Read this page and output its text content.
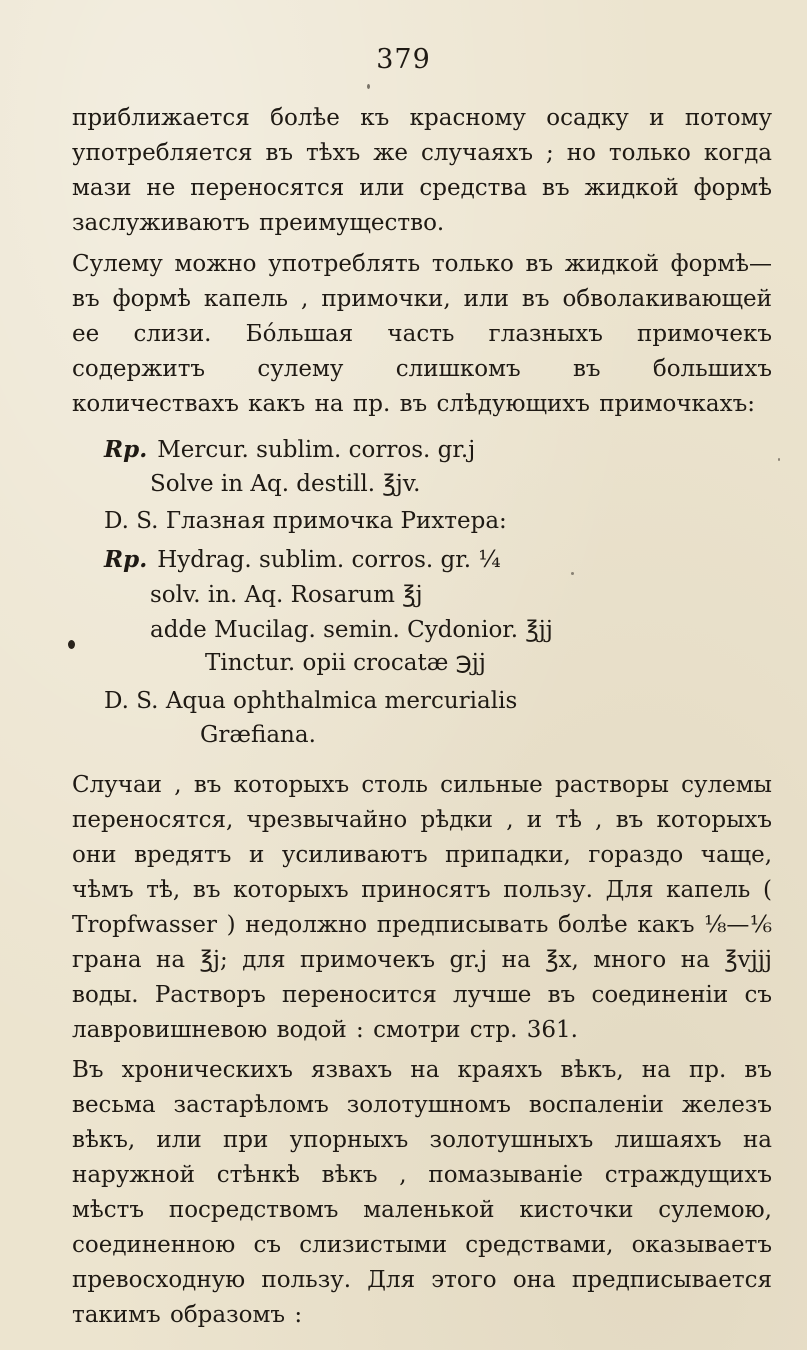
379
приближается болѣе къ красному осадку и потому употребляется въ тѣхъ же случаяхъ ; но только когда мази не переносятся или средства въ жидкой формѣ заслуживаютъ преимущество.
Сулему можно употреблять только въ жидкой формѣ—въ формѣ капель , примочки, или въ обволакивающей ее слизи. Бо́льшая часть глазныхъ примочекъ содержитъ сулему слишкомъ въ большихъ количествахъ какъ на пр. въ слѣдующихъ примочкахъ:
Rp. Mercur. sublim. corros. gr.j
Solve in Aq. destill. ℥jv.
D. S. Глазная примочка Рихтера:
Rp. Hydrag. sublim. corros. gr. ¼
solv. in. Aq. Rosarum ℥j
adde Mucilag. semin. Cydonior. ℥jj
Tinctur. opii crocatæ ℈jj
D. S. Aqua ophthalmica mercurialis
Græfiana.
Случаи , въ которыхъ столь сильные растворы сулемы переносятся, чрезвычайно рѣдки , и тѣ , въ которыхъ они вредятъ и усиливаютъ припадки, гораздо чаще, чѣмъ тѣ, въ которыхъ приносятъ пользу. Для капель ( Tropfwasser ) недолжно предписывать болѣе какъ ⅛—⅙ грана на ℥j; для примочекъ gr.j на ℥x, много на ℥vjjj воды. Растворъ переносится лучше въ соединеніи съ лавровишневою водой : смотри стр. 361.
Въ хроническихъ язвахъ на краяхъ вѣкъ, на пр. въ весьма застарѣломъ золотушномъ воспаленіи железъ вѣкъ, или при упорныхъ золотушныхъ лишаяхъ на наружной стѣнкѣ вѣкъ , помазываніе страждущихъ мѣстъ посредствомъ маленькой кисточки сулемою, соединенною съ слизистыми средствами, оказываетъ превосходную пользу. Для этого она предписывается такимъ образомъ :
